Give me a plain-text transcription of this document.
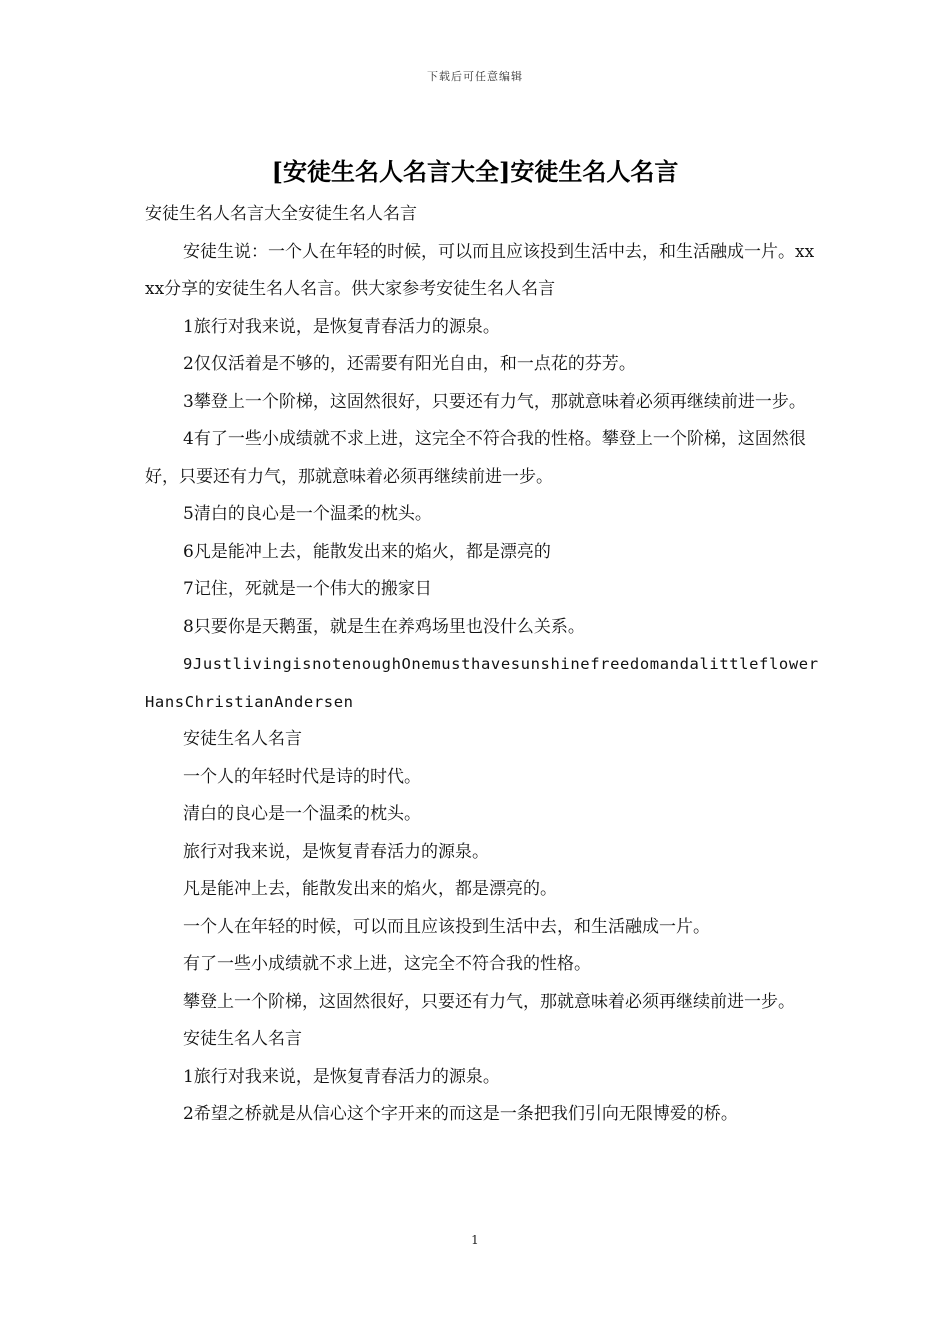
下载后可任意编辑
[安徒生名人名言大全]安徒生名人名言

安徒生名人名言大全安徒生名人名言

安徒生说：一个人在年轻的时候，可以而且应该投到生活中去，和生活融成一片。xxxx分享的安徒生名人名言。供大家参考安徒生名人名言

1旅行对我来说，是恢复青春活力的源泉。

2仅仅活着是不够的，还需要有阳光自由，和一点花的芬芳。

3攀登上一个阶梯，这固然很好，只要还有力气，那就意味着必须再继续前进一步。

4有了一些小成绩就不求上进，这完全不符合我的性格。攀登上一个阶梯，这固然很好，只要还有力气，那就意味着必须再继续前进一步。

5清白的良心是一个温柔的枕头。

6凡是能冲上去，能散发出来的焰火，都是漂亮的

7记住，死就是一个伟大的搬家日

8只要你是天鹅蛋，就是生在养鸡场里也没什么关系。

9JustlivingisnotenoughOnemusthavesunshinefreedomandalittleflowerHansChristianAndersen

安徒生名人名言

一个人的年轻时代是诗的时代。

清白的良心是一个温柔的枕头。

旅行对我来说，是恢复青春活力的源泉。

凡是能冲上去，能散发出来的焰火，都是漂亮的。

一个人在年轻的时候，可以而且应该投到生活中去，和生活融成一片。

有了一些小成绩就不求上进，这完全不符合我的性格。

攀登上一个阶梯，这固然很好，只要还有力气，那就意味着必须再继续前进一步。

安徒生名人名言

1旅行对我来说，是恢复青春活力的源泉。

2希望之桥就是从信心这个字开来的而这是一条把我们引向无限博爱的桥。

1
